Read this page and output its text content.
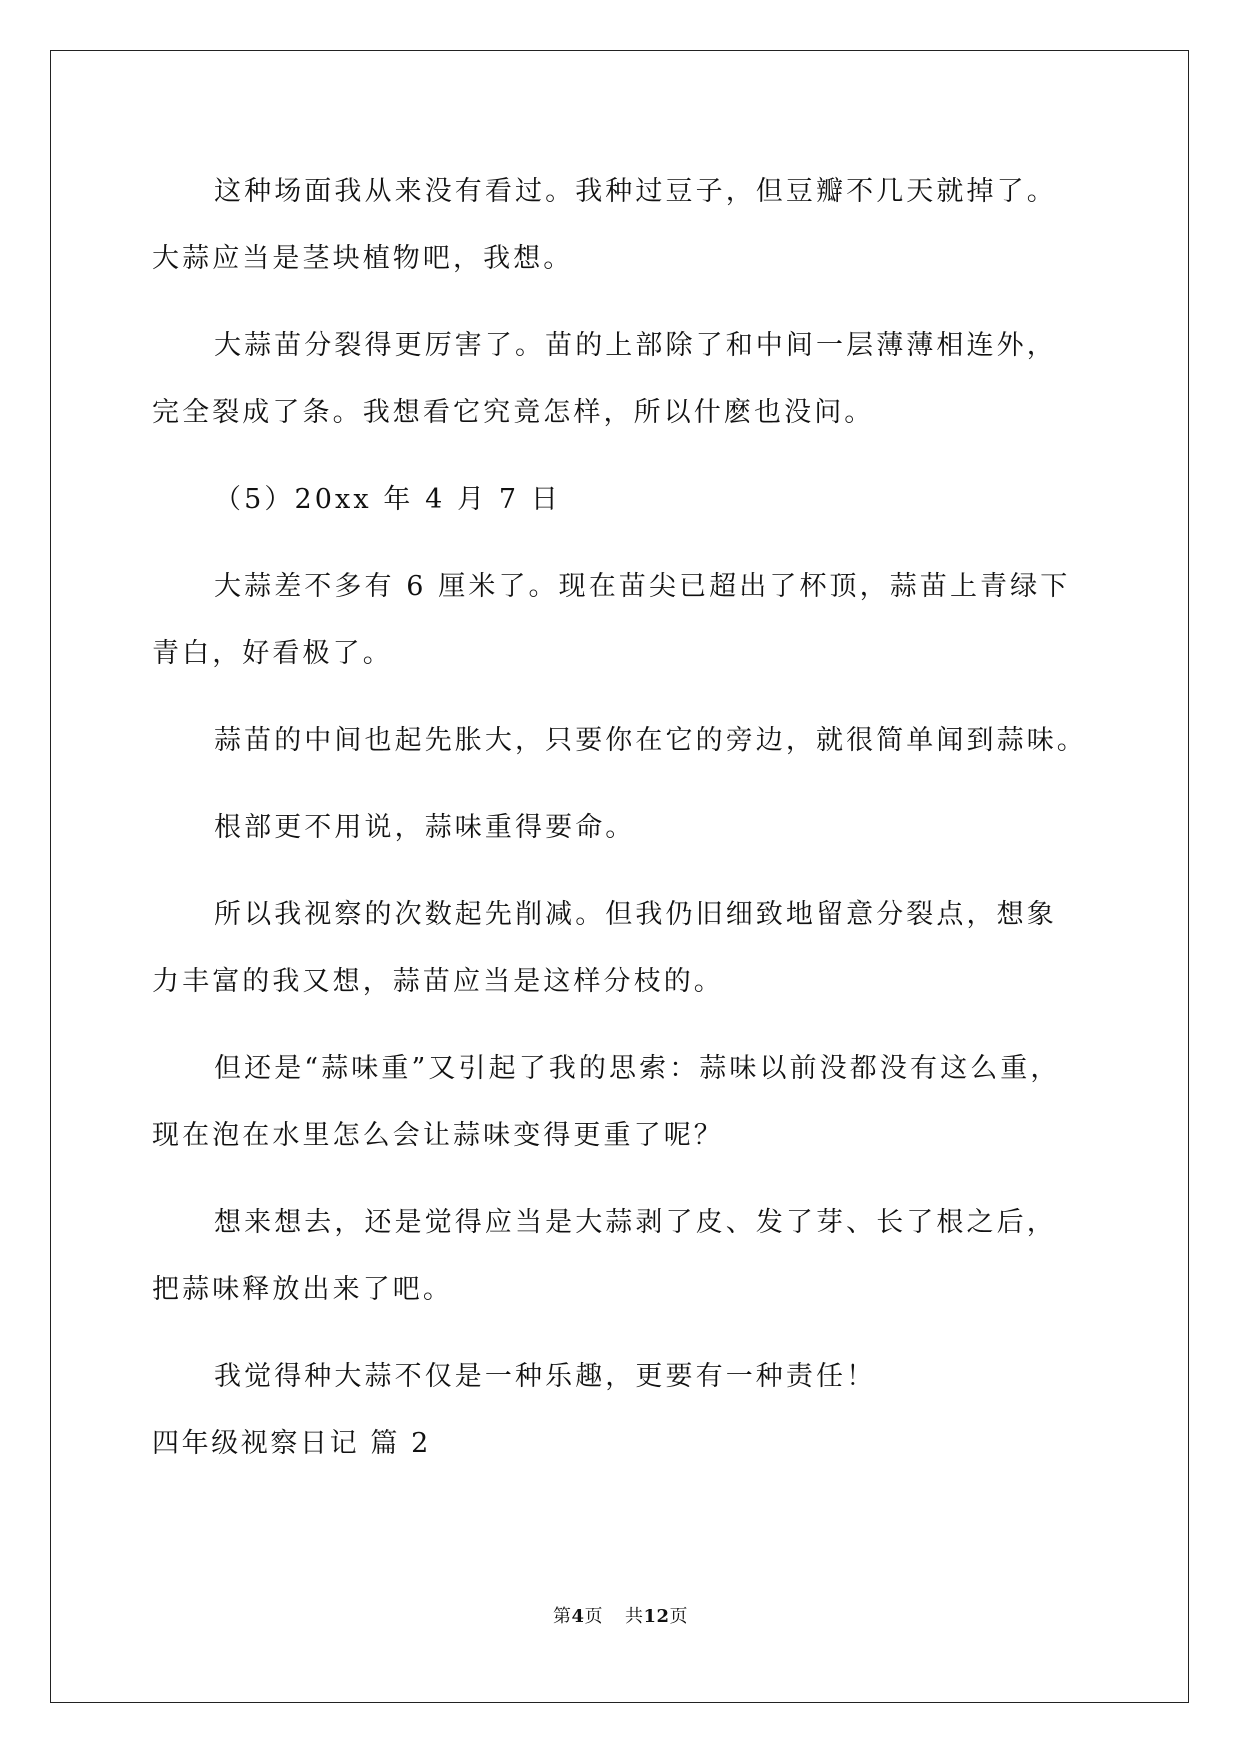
这种场面我从来没有看过。我种过豆子，但豆瓣不几天就掉了。
大蒜应当是茎块植物吧，我想。
大蒜苗分裂得更厉害了。苗的上部除了和中间一层薄薄相连外，
完全裂成了条。我想看它究竟怎样，所以什麽也没问。
（5）20xx 年 4 月 7 日
大蒜差不多有 6 厘米了。现在苗尖已超出了杯顶，蒜苗上青绿下
青白，好看极了。
蒜苗的中间也起先胀大，只要你在它的旁边，就很简单闻到蒜味。
根部更不用说，蒜味重得要命。
所以我视察的次数起先削减。但我仍旧细致地留意分裂点，想象
力丰富的我又想，蒜苗应当是这样分枝的。
但还是“蒜味重”又引起了我的思索：蒜味以前没都没有这么重，
现在泡在水里怎么会让蒜味变得更重了呢？
想来想去，还是觉得应当是大蒜剥了皮、发了芽、长了根之后，
把蒜味释放出来了吧。
我觉得种大蒜不仅是一种乐趣，更要有一种责任！
四年级视察日记 篇 2
第4页 共12页
